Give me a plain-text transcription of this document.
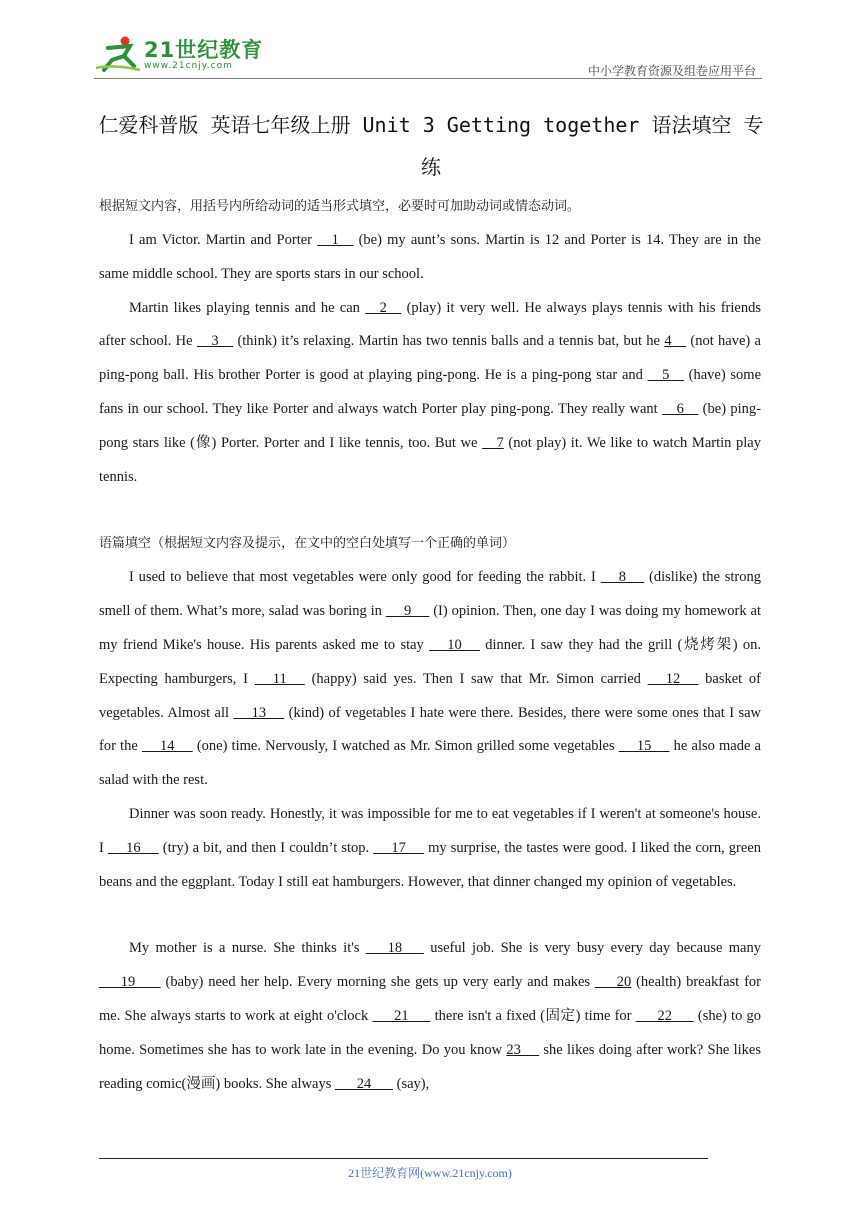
21世纪教育
www.21cnjy.com	中小学教育资源及组卷应用平台
仁爱科普版 英语七年级上册 Unit 3 Getting together 语法填空 专练

根据短文内容，用括号内所给动词的适当形式填空，必要时可加助动词或情态动词。

I am Victor. Martin and Porter     1     (be) my aunt’s sons. Martin is 12 and Porter is 14. They are in the same middle school. They are sports stars in our school.

Martin likes playing tennis and he can     2     (play) it very well. He always plays tennis with his friends after school. He     3     (think) it’s relaxing. Martin has two tennis balls and a tennis bat, but he 4     (not have) a ping-pong ball. His brother Porter is good at playing ping-pong. He is a ping-pong star and     5     (have) some fans in our school. They like Porter and always watch Porter play ping-pong. They really want     6     (be) ping-pong stars like (像) Porter. Porter and I like tennis, too. But we     7 (not play) it. We like to watch Martin play tennis.

语篇填空（根据短文内容及提示，在文中的空白处填写一个正确的单词）

I used to believe that most vegetables were only good for feeding the rabbit. I      8      (dislike) the strong smell of them. What’s more, salad was boring in      9      (I) opinion. Then, one day I was doing my homework at my friend Mike's house. His parents asked me to stay      10      dinner. I saw they had the grill (烧烤架) on. Expecting hamburgers, I      11      (happy) said yes. Then I saw that Mr. Simon carried      12      basket of vegetables. Almost all      13      (kind) of vegetables I hate were there. Besides, there were some ones that I saw for the      14      (one) time. Nervously, I watched as Mr. Simon grilled some vegetables      15      he also made a salad with the rest.

Dinner was soon ready. Honestly, it was impossible for me to eat vegetables if I weren't at someone's house. I      16      (try) a bit, and then I couldn’t stop.      17      my surprise, the tastes were good. I liked the corn, green beans and the eggplant. Today I still eat hamburgers. However, that dinner changed my opinion of vegetables.

My mother is a nurse. She thinks it's       18       useful job. She is very busy every day because many       19        (baby) need her help. Every morning she gets up very early and makes       20 (health) breakfast for me. She always starts to work at eight o'clock       21       there isn't a fixed (固定) time for       22       (she) to go home. Sometimes she has to work late in the evening. Do you know 23      she likes doing after work? She likes reading comic(漫画) books. She always       24       (say),

21世纪教育网(www.21cnjy.com)
